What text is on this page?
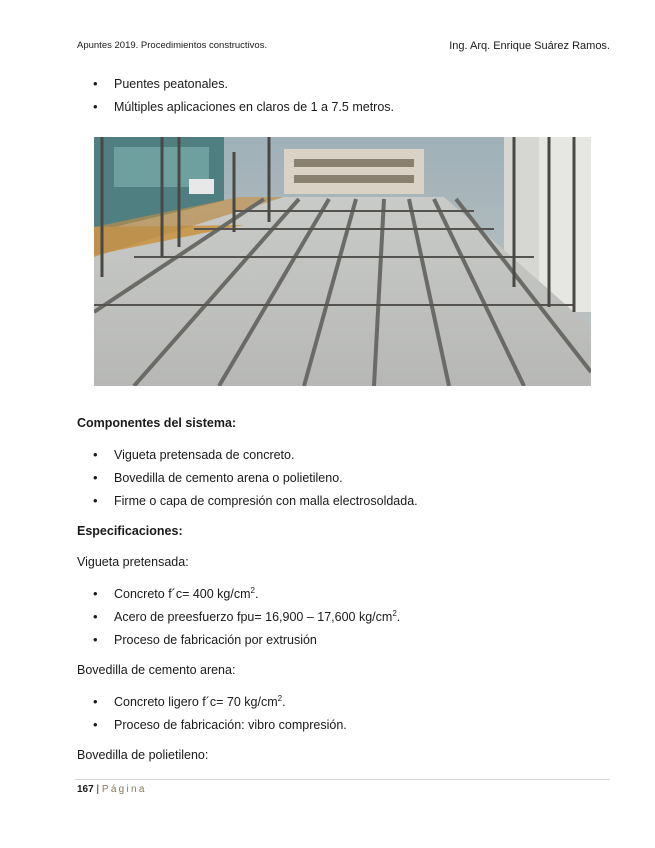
Apuntes 2019. Procedimientos constructivos.	Ing. Arq. Enrique Suárez Ramos.
• Puentes peatonales.
• Múltiples aplicaciones en claros de 1 a 7.5 metros.
Componentes del sistema:
• Vigueta pretensada de concreto.
• Bovedilla de cemento arena o polietileno.
• Firme o capa de compresión con malla electrosoldada.
Especificaciones:
Vigueta pretensada:
• Concreto f´c= 400 $kg/cm^2$.
• Acero de preesfuerzo fpu= 16,900 – 17,600 $kg/cm^2$.
• Proceso de fabricación por extrusión
Bovedilla de cemento arena:
• Concreto ligero f´c= 70 $kg/cm^2$.
• Proceso de fabricación: vibro compresión.
Bovedilla de polietileno:
167 | Página
